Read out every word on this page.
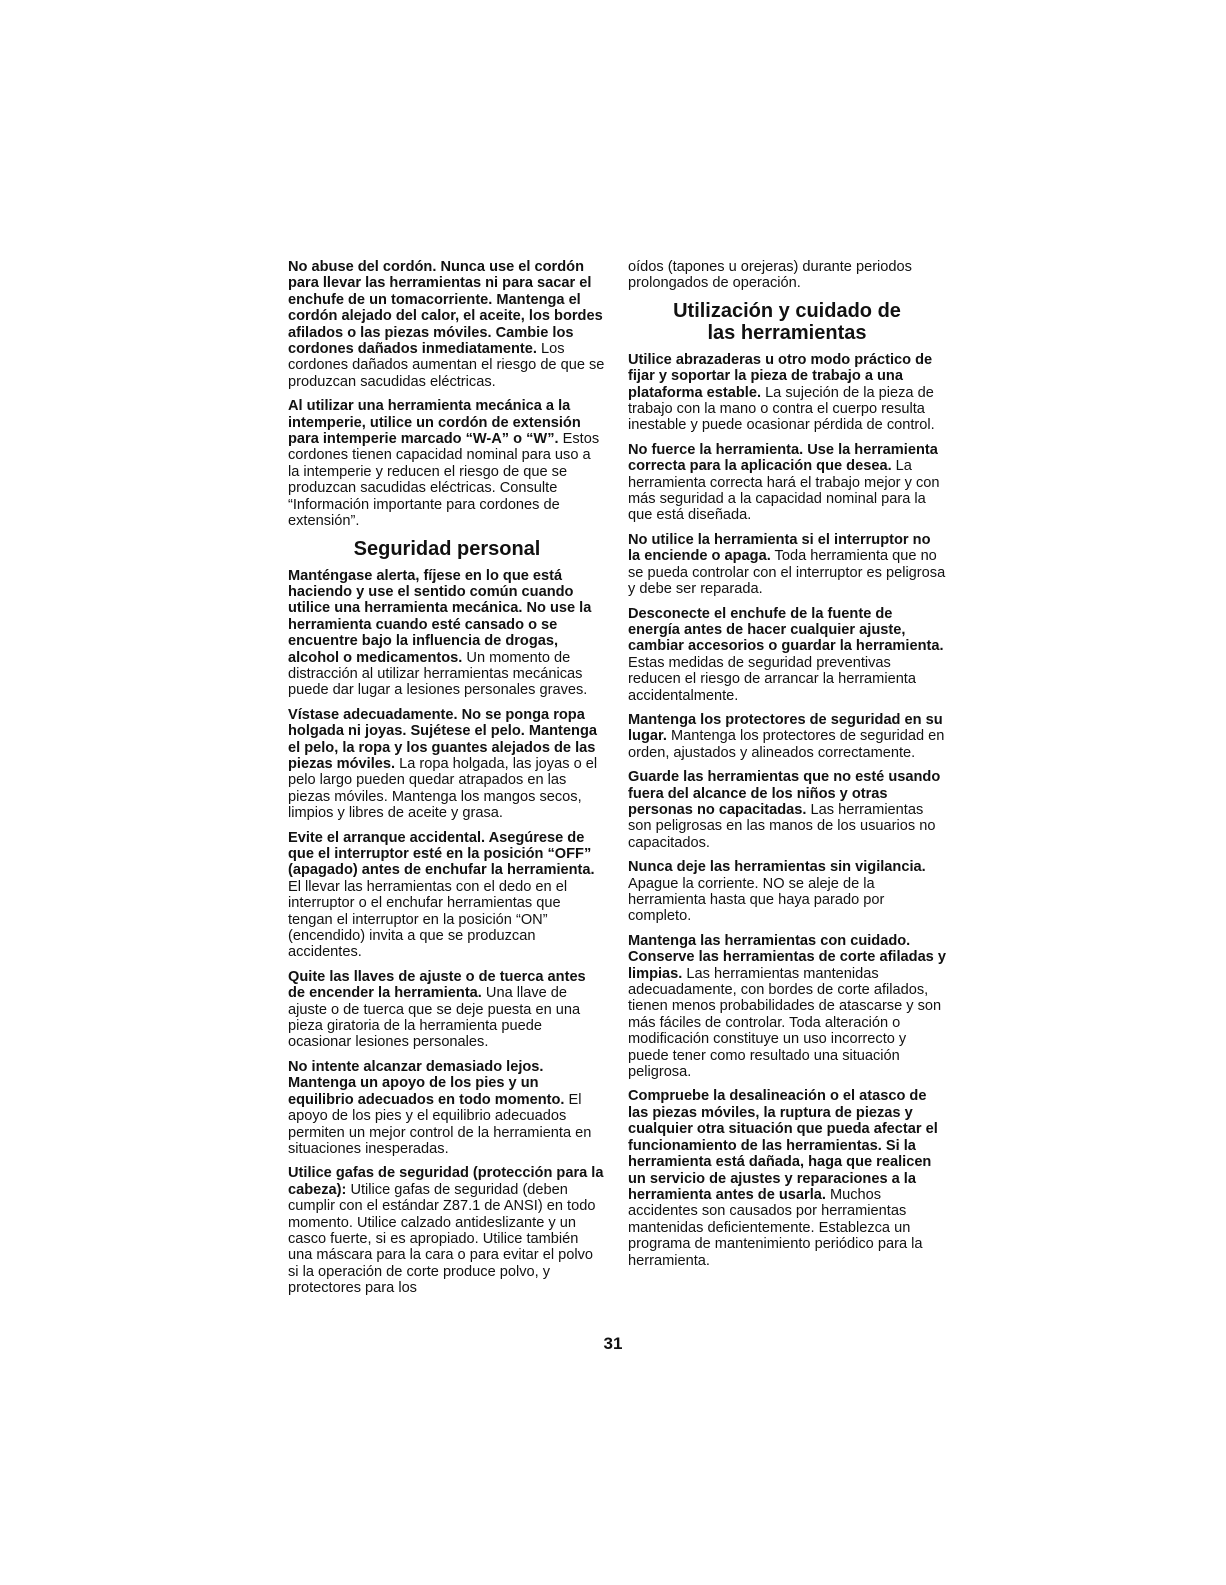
No abuse del cordón. Nunca use el cordón para llevar las herramientas ni para sacar el enchufe de un tomacorriente. Mantenga el cordón alejado del calor, el aceite, los bordes afilados o las piezas móviles. Cambie los cordones dañados inmediatamente. Los cordones dañados aumentan el riesgo de que se produzcan sacudidas eléctricas.

Al utilizar una herramienta mecánica a la intemperie, utilice un cordón de extensión para intemperie marcado “W-A” o “W”. Estos cordones tienen capacidad nominal para uso a la intemperie y reducen el riesgo de que se produzcan sacudidas eléctricas. Consulte “Información importante para cordones de extensión”.

Seguridad personal

Manténgase alerta, fíjese en lo que está haciendo y use el sentido común cuando utilice una herramienta mecánica. No use la herramienta cuando esté cansado o se encuentre bajo la influencia de drogas, alcohol o medicamentos. Un momento de distracción al utilizar herramientas mecánicas puede dar lugar a lesiones personales graves.

Vístase adecuadamente. No se ponga ropa holgada ni joyas. Sujétese el pelo. Mantenga el pelo, la ropa y los guantes alejados de las piezas móviles. La ropa holgada, las joyas o el pelo largo pueden quedar atrapados en las piezas móviles. Mantenga los mangos secos, limpios y libres de aceite y grasa.

Evite el arranque accidental. Asegúrese de que el interruptor esté en la posición “OFF” (apagado) antes de enchufar la herramienta. El llevar las herramientas con el dedo en el interruptor o el enchufar herramientas que tengan el interruptor en la posición “ON” (encendido) invita a que se produzcan accidentes.

Quite las llaves de ajuste o de tuerca antes de encender la herramienta. Una llave de ajuste o de tuerca que se deje puesta en una pieza giratoria de la herramienta puede ocasionar lesiones personales.

No intente alcanzar demasiado lejos. Mantenga un apoyo de los pies y un equilibrio adecuados en todo momento. El apoyo de los pies y el equilibrio adecuados permiten un mejor control de la herramienta en situaciones inesperadas.

Utilice gafas de seguridad (protección para la cabeza): Utilice gafas de seguridad (deben cumplir con el estándar Z87.1 de ANSI) en todo momento. Utilice calzado antideslizante y un casco fuerte, si es apropiado. Utilice también una máscara para la cara o para evitar el polvo si la operación de corte produce polvo, y protectores para los

oídos (tapones u orejeras) durante periodos prolongados de operación.

Utilización y cuidado de
las herramientas

Utilice abrazaderas u otro modo práctico de fijar y soportar la pieza de trabajo a una plataforma estable. La sujeción de la pieza de trabajo con la mano o contra el cuerpo resulta inestable y puede ocasionar pérdida de control.

No fuerce la herramienta. Use la herramienta correcta para la aplicación que desea. La herramienta correcta hará el trabajo mejor y con más seguridad a la capacidad nominal para la que está diseñada.

No utilice la herramienta si el interruptor no la enciende o apaga. Toda herramienta que no se pueda controlar con el interruptor es peligrosa y debe ser reparada.

Desconecte el enchufe de la fuente de energía antes de hacer cualquier ajuste, cambiar accesorios o guardar la herramienta. Estas medidas de seguridad preventivas reducen el riesgo de arrancar la herramienta accidentalmente.

Mantenga los protectores de seguridad en su lugar. Mantenga los protectores de seguridad en orden, ajustados y alineados correctamente.

Guarde las herramientas que no esté usando fuera del alcance de los niños y otras personas no capacitadas. Las herramientas son peligrosas en las manos de los usuarios no capacitados.

Nunca deje las herramientas sin vigilancia. Apague la corriente. NO se aleje de la herramienta hasta que haya parado por completo.

Mantenga las herramientas con cuidado. Conserve las herramientas de corte afiladas y limpias. Las herramientas mantenidas adecuadamente, con bordes de corte afilados, tienen menos probabilidades de atascarse y son más fáciles de controlar. Toda alteración o modificación constituye un uso incorrecto y puede tener como resultado una situación peligrosa.

Compruebe la desalineación o el atasco de las piezas móviles, la ruptura de piezas y cualquier otra situación que pueda afectar el funcionamiento de las herramientas. Si la herramienta está dañada, haga que realicen un servicio de ajustes y reparaciones a la herramienta antes de usarla. Muchos accidentes son causados por herramientas mantenidas deficientemente. Establezca un programa de mantenimiento periódico para la herramienta.

31
